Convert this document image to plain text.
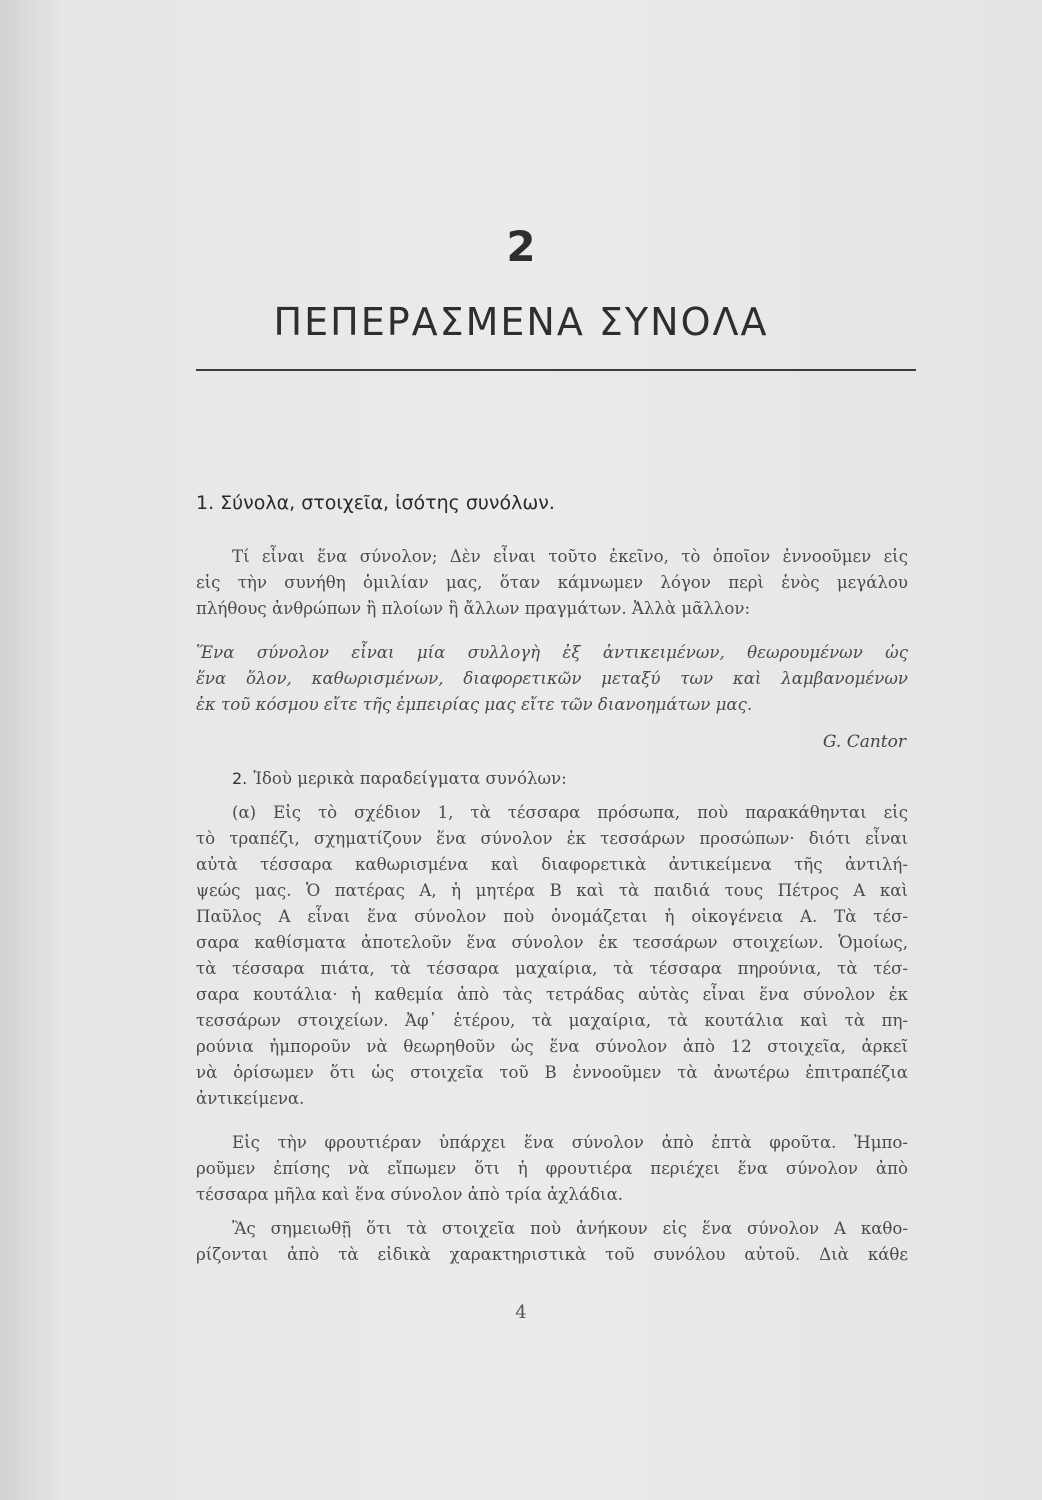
2
ΠΕΠΕΡΑΣΜΕΝΑ ΣΥΝΟΛΑ
1. Σύνολα, στοιχεῖα, ἰσότης συνόλων.
Τί εἶναι ἕνα σύνολον; Δὲν εἶναι τοῦτο ἐκεῖνο, τὸ ὁποῖον ἐννοοῦμεν εἰς
εἰς τὴν συνήθη ὁμιλίαν μας, ὅταν κάμνωμεν λόγον περὶ ἑνὸς μεγάλου
πλήθους ἀνθρώπων ἢ πλοίων ἢ ἄλλων πραγμάτων. Ἀλλὰ μᾶλλον:
Ἕνα σύνολον εἶναι μία συλλογὴ ἐξ ἀντικειμένων, θεωρουμένων ὡς
ἕνα ὅλον, καθωρισμένων, διαφορετικῶν μεταξύ των καὶ λαμβανομένων
ἐκ τοῦ κόσμου εἴτε τῆς ἐμπειρίας μας εἴτε τῶν διανοημάτων μας.
G. Cantor
2. Ἰδοὺ μερικὰ παραδείγματα συνόλων:
(α) Εἰς τὸ σχέδιον 1, τὰ τέσσαρα πρόσωπα, ποὺ παρακάθηνται εἰς
τὸ τραπέζι, σχηματίζουν ἕνα σύνολον ἐκ τεσσάρων προσώπων· διότι εἶναι
αὐτὰ τέσσαρα καθωρισμένα καὶ διαφορετικὰ ἀντικείμενα τῆς ἀντιλή-
ψεώς μας. Ὁ πατέρας Α, ἡ μητέρα Β καὶ τὰ παιδιά τους Πέτρος Α καὶ
Παῦλος Α εἶναι ἕνα σύνολον ποὺ ὀνομάζεται ἡ οἰκογένεια Α. Τὰ τέσ-
σαρα καθίσματα ἀποτελοῦν ἕνα σύνολον ἐκ τεσσάρων στοιχείων. Ὁμοίως,
τὰ τέσσαρα πιάτα, τὰ τέσσαρα μαχαίρια, τὰ τέσσαρα πηρούνια, τὰ τέσ-
σαρα κουτάλια· ἡ καθεμία ἀπὸ τὰς τετράδας αὐτὰς εἶναι ἕνα σύνολον ἐκ
τεσσάρων στοιχείων. Ἀφ᾽ ἑτέρου, τὰ μαχαίρια, τὰ κουτάλια καὶ τὰ πη-
ρούνια ἠμποροῦν νὰ θεωρηθοῦν ὡς ἕνα σύνολον ἀπὸ 12 στοιχεῖα, ἀρκεῖ
νὰ ὁρίσωμεν ὅτι ὡς στοιχεῖα τοῦ Β ἐννοοῦμεν τὰ ἀνωτέρω ἐπιτραπέζια
ἀντικείμενα.
Εἰς τὴν φρουτιέραν ὑπάρχει ἕνα σύνολον ἀπὸ ἑπτὰ φροῦτα. Ἠμπο-
ροῦμεν ἐπίσης νὰ εἴπωμεν ὅτι ἡ φρουτιέρα περιέχει ἕνα σύνολον ἀπὸ
τέσσαρα μῆλα καὶ ἕνα σύνολον ἀπὸ τρία ἀχλάδια.
Ἂς σημειωθῇ ὅτι τὰ στοιχεῖα ποὺ ἀνήκουν εἰς ἕνα σύνολον Α καθο-
ρίζονται ἀπὸ τὰ εἰδικὰ χαρακτηριστικὰ τοῦ συνόλου αὐτοῦ. Διὰ κάθε
4
